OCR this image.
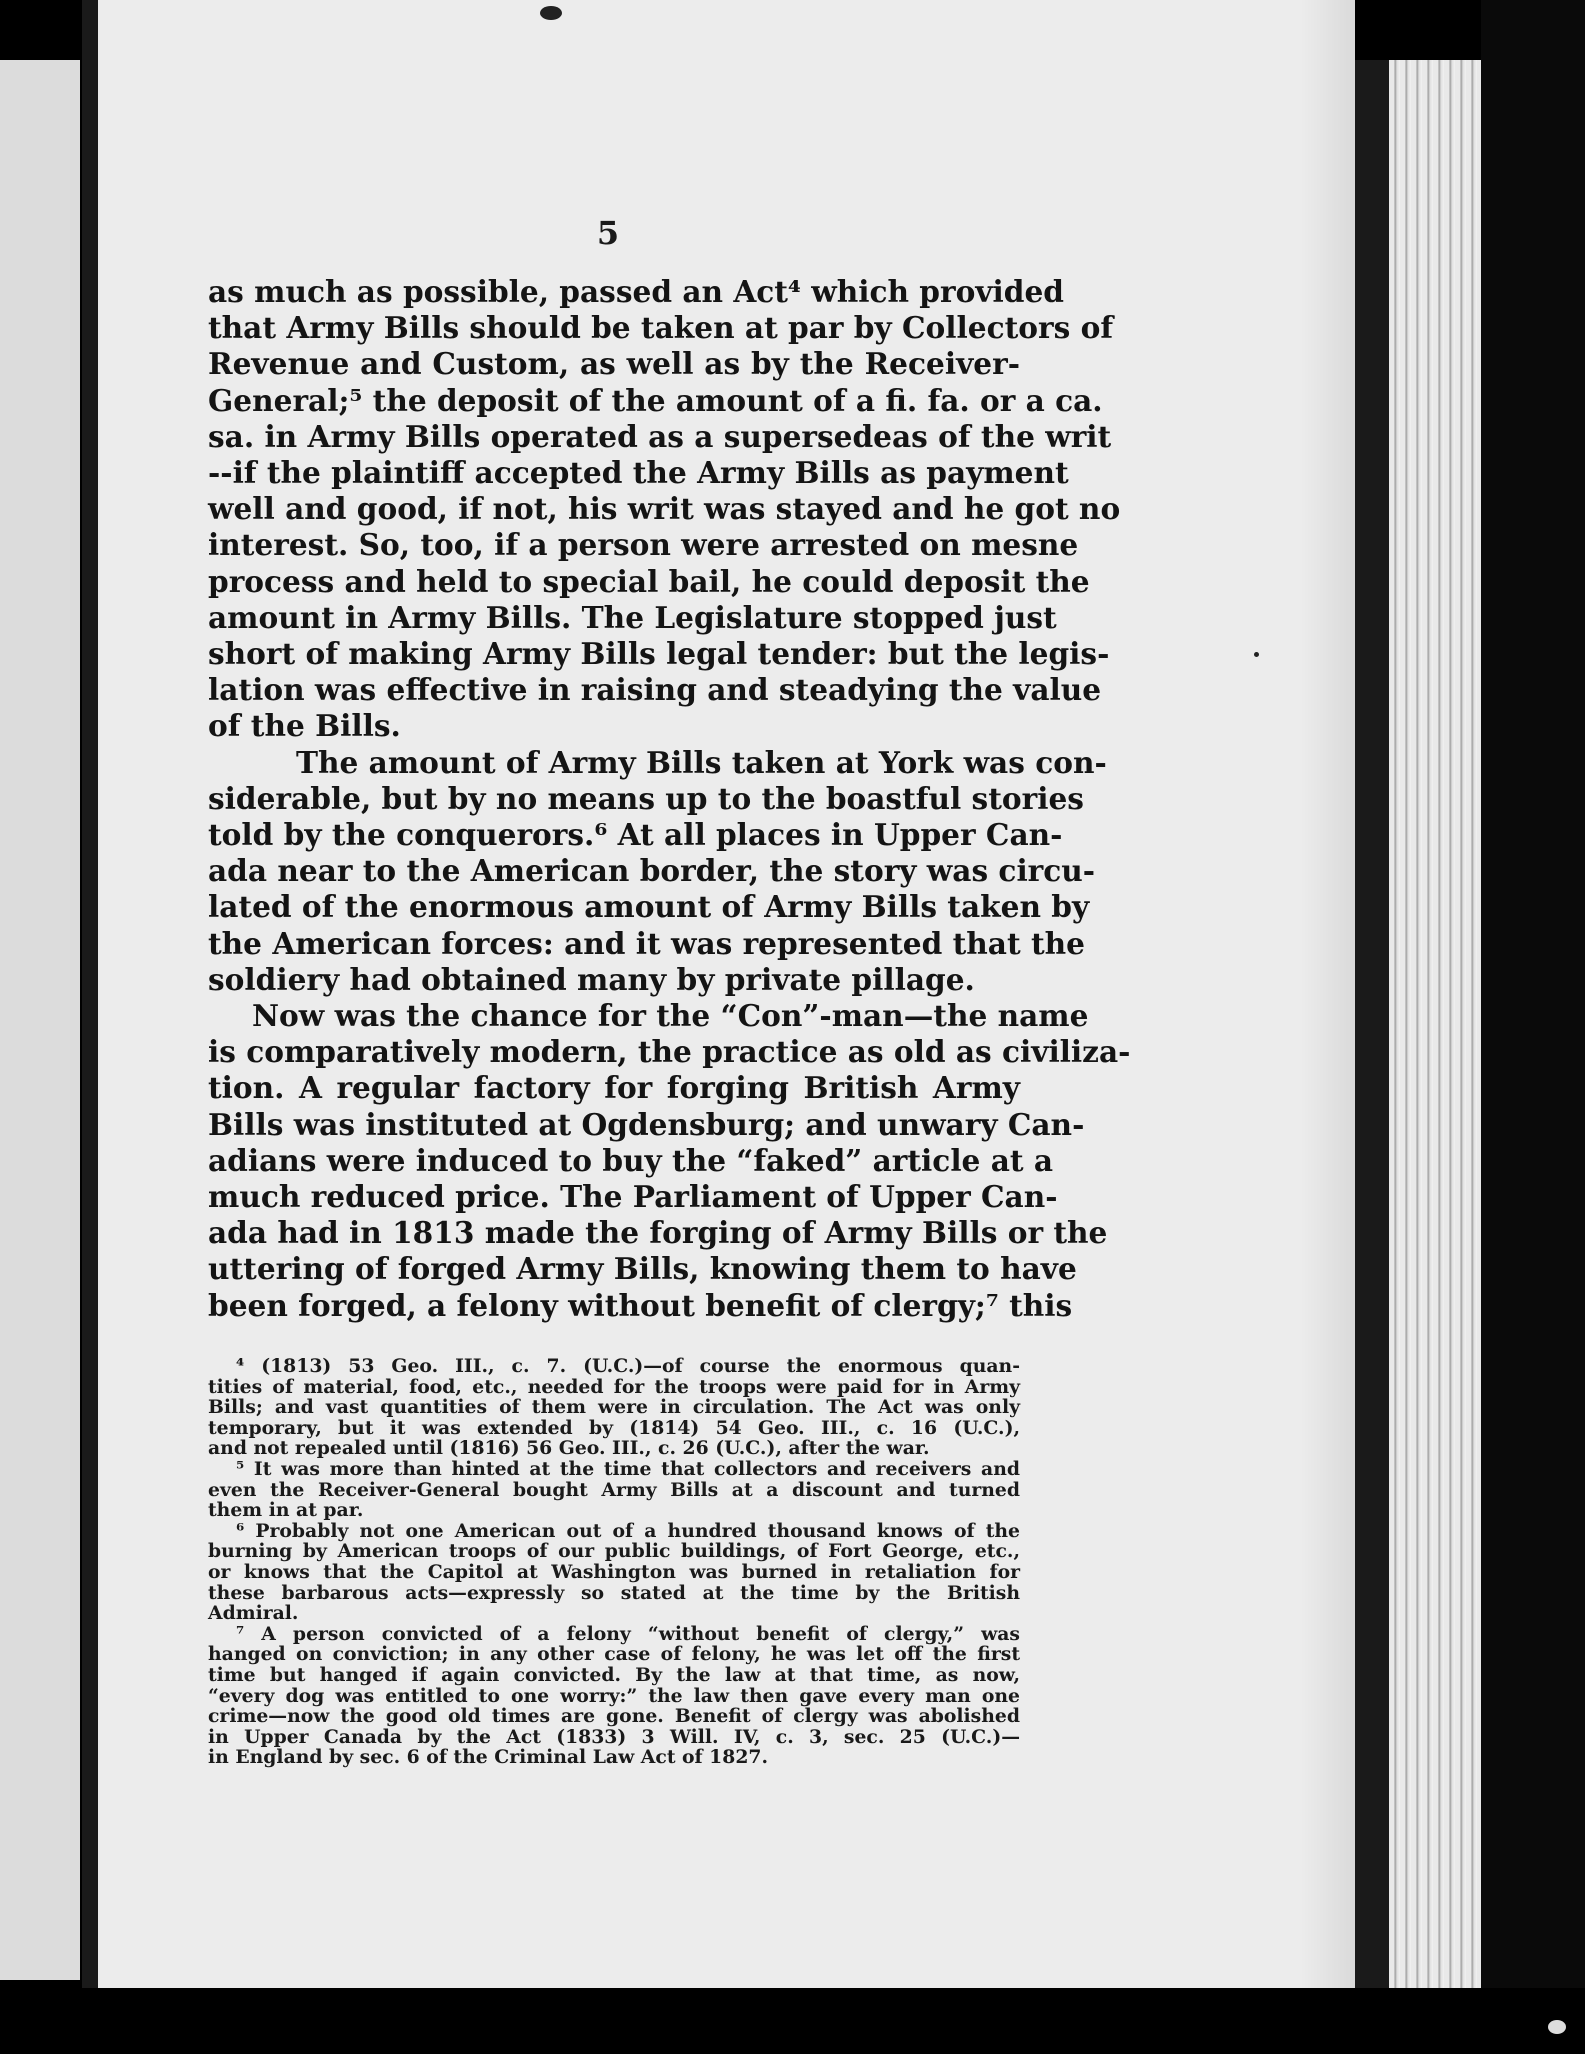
5
as much as possible, passed an Act⁴ which provided
that Army Bills should be taken at par by Collectors of
Revenue and Custom, as well as by the Receiver-
General;⁵ the deposit of the amount of a fi. fa. or a ca.
sa. in Army Bills operated as a supersedeas of the writ
--if the plaintiff accepted the Army Bills as payment
well and good, if not, his writ was stayed and he got no
interest. So, too, if a person were arrested on mesne
process and held to special bail, he could deposit the
amount in Army Bills. The Legislature stopped just
short of making Army Bills legal tender: but the legis-
lation was effective in raising and steadying the value
of the Bills.
The amount of Army Bills taken at York was con-
siderable, but by no means up to the boastful stories
told by the conquerors.⁶ At all places in Upper Can-
ada near to the American border, the story was circu-
lated of the enormous amount of Army Bills taken by
the American forces: and it was represented that the
soldiery had obtained many by private pillage.
Now was the chance for the “Con”-man—the name
is comparatively modern, the practice as old as civiliza-
tion. A regular factory for forging British Army
Bills was instituted at Ogdensburg; and unwary Can-
adians were induced to buy the “faked” article at a
much reduced price. The Parliament of Upper Can-
ada had in 1813 made the forging of Army Bills or the
uttering of forged Army Bills, knowing them to have
been forged, a felony without benefit of clergy;⁷ this
⁴ (1813) 53 Geo. III., c. 7. (U.C.)—of course the enormous quan-
tities of material, food, etc., needed for the troops were paid for in Army
Bills; and vast quantities of them were in circulation. The Act was only
temporary, but it was extended by (1814) 54 Geo. III., c. 16 (U.C.),
and not repealed until (1816) 56 Geo. III., c. 26 (U.C.), after the war.
⁵ It was more than hinted at the time that collectors and receivers and
even the Receiver-General bought Army Bills at a discount and turned
them in at par.
⁶ Probably not one American out of a hundred thousand knows of the
burning by American troops of our public buildings, of Fort George, etc.,
or knows that the Capitol at Washington was burned in retaliation for
these barbarous acts—expressly so stated at the time by the British
Admiral.
⁷ A person convicted of a felony “without benefit of clergy,” was
hanged on conviction; in any other case of felony, he was let off the first
time but hanged if again convicted. By the law at that time, as now,
“every dog was entitled to one worry:” the law then gave every man one
crime—now the good old times are gone. Benefit of clergy was abolished
in Upper Canada by the Act (1833) 3 Will. IV, c. 3, sec. 25 (U.C.)—
in England by sec. 6 of the Criminal Law Act of 1827.
